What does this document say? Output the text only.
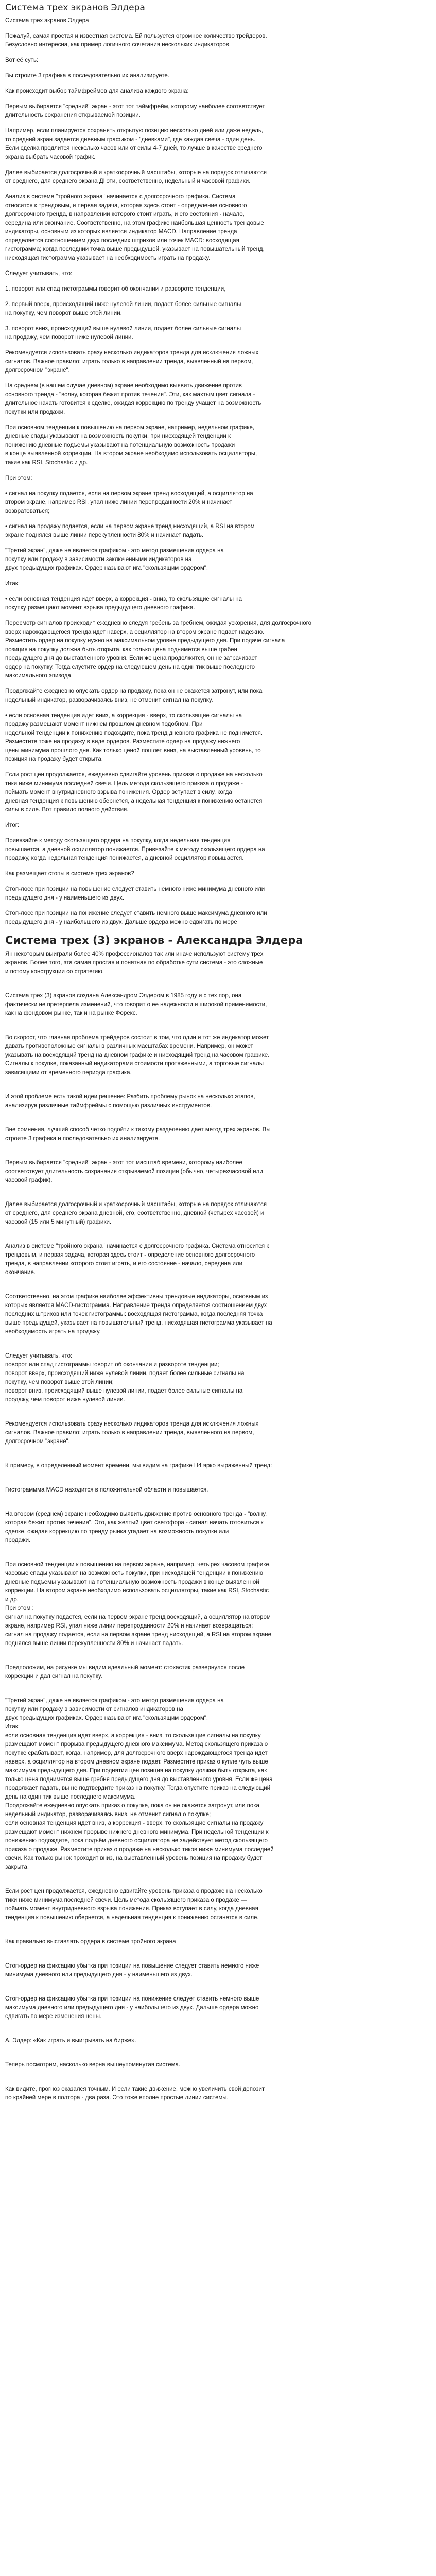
Система трех экранов Элдера

Система трех экранов Элдера

Пожалуй, самая простая и известная система. Ей пользуется огромное количество трейдеров.
Безусловно интересна, как пример логичного сочетания нескольких индикаторов.

Вот её суть:

Вы строите 3 графика в последовательно их анализируете.

Как происходит выбор таймфреймов для анализа каждого экрана:

Первым выбирается "средний" экран - этот тот таймфрейм, которому наиболее соответствует
длительность сохранения открываемой позиции.

Например, если планируется сохранять открытую позицию несколько дней или даже недель,
то средний экран задается дневным графиком - "дневками", где каждая свеча - один день.
Если сделка продлится несколько часов или от силы 4-7 дней, то лучше в качестве среднего
экрана выбрать часовой график.

Далее выбирается долгосрочный и краткосрочный масштабы, которые на порядок отличаются
от среднего, для среднего экрана ДI эти, соответственно, недельный и часовой графики.

Анализ в системе "тройного экрана" начинается с долгосрочного графика. Система
относится к трендовым, и первая задача, которая здесь стоит - определение основного
долгосрочного тренда, в направлении которого стоит играть, и его состояния - начало,
середина или окончание. Соответственно, на этом графике наибольшая ценность трендовые
индикаторы, основным из которых является индикатор MACD. Направление тренда
определяется соотношением двух последних штрихов или точек MACD: восходящая
гистограмма; когда последний точка выше предыдущей, указывает на повышательный тренд,
нисходящая гистограмма указывает на необходимость играть на продажу.

Следует учитывать, что:

1. поворот или спад гистограммы говорит об окончании и развороте тенденции,

2. первый вверх, происходящий ниже нулевой линии, подает более сильные сигналы
на покупку, чем поворот выше этой линии.

3. поворот вниз, происходящий выше нулевой линии, подает более сильные сигналы
на продажу, чем поворот ниже нулевой линии.

Рекомендуется использовать сразу несколько индикаторов тренда для исключения ложных
сигналов. Важное правило: играть только в направлении тренда, выявленный на первом,
долгосрочном "экране".

На среднем (в нашем случае дневном) экране необходимо выявить движение против
основного тренда - "волну, которая бежит против течения". Эти, как махтым цвет сигнала -
длительное начать готовится к сделке, ожидая коррекцию по тренду учащет на возможность
покупки или продажи.

При основном тенденции к повышению на первом экране, например, недельном графике,
дневные спады указывают на возможность покупки, при нисходящей тенденции к
понижению дневные подъемы указывают на потенциальную возможность продажи
в конце выявленной коррекции. На втором экране необходимо использовать осцилляторы,
такие как RSI, Stochastic и др.

При этом:

• сигнал на покупку подается, если на первом экране тренд восходящий, а осциллятор на
втором экране, например RSI, упал ниже линии перепроданности 20% и начинает
возвратоваться;

• сигнал на продажу подается, если на первом экране тренд нисходящий, а RSI на втором
экране поднялся выше линии перекупленности 80% и начинает падать.

"Третий экран", даже не является графиком - это метод размещения ордера на
покупку или продажу в зависимости заключенными индикаторов на
двух предыдущих графиках. Ордер называют ига "скользящим ордером".

Итак:

• если основная тенденция идет вверх, а коррекция - вниз, то скользящие сигналы на
покупку размещают момент взрыва предыдущего дневного графика.

Пересмотр сигналов происходит ежедневно следуя гребень за гребнем, ожидая ускорения, для долгосрочного
вверх нарождающегося тренда идет наверх, а осциллятор на втором экране подает надежно.
Разместить ордер на покупку нужно на максимальном уровне предыдущего дня. При подаче сигнала
позиция на покупку должна быть открыта, как только цена поднимется выше грабен
предыдущего дня до выставленного уровня. Если же цена продолжится, он не затрачивает
ордер на покупку. Тогда слустите ордер на следующем день на один тик выше последнего
максимального эпизода.

Продолжайте ежедневно опускать ордер на продажу, пока он не окажется затронут, или пока
недельный индикатор, разворачиваясь вниз, не отменит сигнал на покупку.

• если основная тенденция идет вниз, а коррекция - вверх, то скользящие сигналы на
продажу размещают момент нижнем прошлом дневном подобном. При
недельной тенденции к понижению подождите, пока тренд дневного графика не поднимется.
Разместите тоже на продажу в виде ордеров. Разместите ордер на продажу нижнего
цены минимума прошлого дня. Как только ценой пошлет вниз, на выставленный уровень, то
позиция на продажу будет открыта.

Если рост цен продолжается, ежедневно сдвигайте уровень приказа о продаже на несколько
тики ниже минимума последней свечи. Цель метода скользящего приказа о продаже -
поймать момент внутридневного взрыва понижения. Ордер вступает в силу, когда
дневная тенденция к повышению обернется, а недельная тенденция к понижению останется
силы в силе. Вот правило полного действия.

Итог:

Привязайте к методу скользящего ордера на покупку, когда недельная тенденция
повышается, а дневной осциллятор понижается. Привязайте к методу скользящего ордера на
продажу, когда недельная тенденция понижается, а дневной осциллятор повышается.

Как размещает стопы в системе трех экранов?

Стоп-лосс при позиции на повышение следует ставить немного ниже минимума дневного или
предыдущего дня - у наименьшего из двух.

Стоп-лосс при позиции на понижение следует ставить немного выше максимума дневного или
предыдущего дня - у наибольшего из двух. Дальше ордера можно сдвигать по мере

Система трех (3) экранов - Александра Элдера

Ян некоторым выиграли более 40% профессионалов так или иначе используют систему трех
экранов. Более того, эта самая простая и понятная по обработке сути система - это сложные
и потому конструкции со стратегию.

Система трех (3) экранов создана Александром Элдером в 1985 году и с тех пор, она
фактически не претерпела изменений, что говорит о ее надежности и широкой применимости,
как на фондовом рынке, так и на рынке Форекс.

Во скорост, что главная проблема трейдеров состоит в том, что один и тот же индикатор может
давать противоположные сигналы в различных масштабах времени. Например, он может
указывать на восходящий тренд на дневном графике и нисходящий тренд на часовом графике.
Сигналы к покупке, показанный индикаторами стоимости протяженными, а торговые сигналы
зависящими от временного периода графика.

И этой проблеме есть такой идеи решение: Разбить проблему рынок на несколько этапов,
анализируя различные таймфреймы с помощью различных инструментов.

Вне сомнения, лучший способ четко подойти к такому разделению дает метод трех экранов. Вы
строите 3 графика и последовательно их анализируете.

Первым выбирается "средний" экран - этот тот масштаб времени, которому наиболее
соответствует длительность сохранения открываемой позиции (обычно, четырехчасовой или
часовой график).

Далее выбирается долгосрочный и краткосрочный масштабы, которые на порядок отличаются
от среднего, для среднего экрана дневной, его, соответственно, дневной (четырех часовой) и
часовой (15 или 5 минутный) графики.

Анализ в системе "тройного экрана" начинается с долгосрочного графика. Система относится к
трендовым, и первая задача, которая здесь стоит - определение основного долгосрочного
тренда, в направлении которого стоит играть, и его состояние - начало, середина или
окончание.

Соответственно, на этом графике наиболее эффективны трендовые индикаторы, основным из
которых является MACD-гистограмма. Направление тренда определяется соотношением двух
последних штрихов или точек гистограммы: восходящая гистограмма, когда последняя точка
выше предыдущей, указывает на повышательный тренд, нисходящая гистограмма указывает на
необходимость играть на продажу.

Следует учитывать, что:
поворот или спад гистограммы говорит об окончании и развороте тенденции;
поворот вверх, происходящий ниже нулевой линии, подает более сильные сигналы на
покупку, чем поворот выше этой линии;
поворот вниз, происходящий выше нулевой линии, подает более сильные сигналы на
продажу, чем поворот ниже нулевой линии.

Рекомендуется использовать сразу несколько индикаторов тренда для исключения ложных
сигналов. Важное правило: играть только в направлении тренда, выявленного на первом,
долгосрочном "экране".

К примеру, в определенный момент времени, мы видим на графике Н4 ярко выраженный тренд:

Гистограммма MACD находится в положительной области и повышается.

На втором (среднем) экране необходимо выявить движение против основного тренда - "волну,
которая бежит против течения". Это, как желтый цвет светофора - сигнал начать готовиться к
сделке, ожидая коррекцию по тренду рынка угадает на возможность покупки или
продажи.

При основной тенденции к повышению на первом экране, например, четырех часовом графике,
часовые спады указывают на возможность покупки, при нисходящей тенденции к понижению
дневные подъемы указывают на потенциальную возможность продажи в конце выявленной
коррекции. На втором экране необходимо использовать осцилляторы, такие как RSI, Stochastic
и др.
При этом :
сигнал на покупку подается, если на первом экране тренд восходящий, а осциллятор на втором
экране, например RSI, упал ниже линии перепроданности 20% и начинает возвращаться;
сигнал на продажу подается, если на первом экране тренд нисходящий, а RSI на втором экране
поднялся выше линии перекупленности 80% и начинает падать.

Предположим, на рисунке мы видим идеальный момент: стохастик развернулся после
коррекции и дал сигнал на покупку.

"Третий экран", даже не является графиком - это метод размещения ордера на
покупку или продажу в зависимости от сигналов индикаторов на
двух предыдущих графиках. Ордер называют ига "скользящим ордером".
Итак:
если основная тенденция идет вверх, а коррекция - вниз, то скользящие сигналы на покупку
размещают момент прорыва предыдущего дневного максимума. Метод скользящего приказа о
покупке срабатывает, когда, например, для долгосрочного вверх нарождающегося тренда идет
наверх, а осциллятор на втором дневном экране подает. Разместите приказ о купле чуть выше
максимума предыдущего дня. При поднятии цен позиция на покупку должна быть открыта, как
только цена поднимется выше гребня предыдущего дня до выставленного уровня. Если же цена
продолжает падать, вы не подтвердите приказ на покупку. Тогда опустите приказ на следующий
день на один тик выше последнего максимума.
Продолжайте ежедневно опускать приказ о покупке, пока он не окажется затронут, или пока
недельный индикатор, разворачиваясь вниз, не отменит сигнал о покупке;
если основная тенденция идет вниз, а коррекция - вверх, то скользящие сигналы на продажу
размещают момент нижнем прорыве нижнего дневного минимума. При недельной тенденции к
понижению подождите, пока подъём дневного осциллятора не задействует метод скользящего
приказа о продаже. Разместите приказ о продаже на несколько тиков ниже минимума последней
свечи. Как только рынок проходит вниз, на выставленный уровень позиция на продажу будет
закрыта.

Если рост цен продолжается, ежедневно сдвигайте уровень приказа о продаже на несколько
тики ниже минимума последней свечи. Цель метода скользящего приказа о продаже —
поймать момент внутридневного взрыва понижения. Приказ вступает в силу, когда дневная
тенденция к повышению обернется, а недельная тенденция к понижению останется в силе.

Как правильно выставлять ордера в системе тройного экрана

Стоп-ордер на фиксацию убытка при позиции на повышение следует ставить немного ниже
минимума дневного или предыдущего дня - у наименьшего из двух.

Стоп-ордер на фиксацию убытка при позиции на понижение следует ставить немного выше
максимума дневного или предыдущего дня - у наибольшего из двух. Дальше ордера можно
сдвигать по мере изменения цены.

А. Элдер: «Как играть и выигрывать на бирже».

Теперь посмотрим, насколько верна вышеупомянутая система.

Как видите, прогноз оказался точным. И если такие движение, можно увеличить свой депозит
по крайней мере в полтора - два раза. Это тоже вполне простые линии системы.
